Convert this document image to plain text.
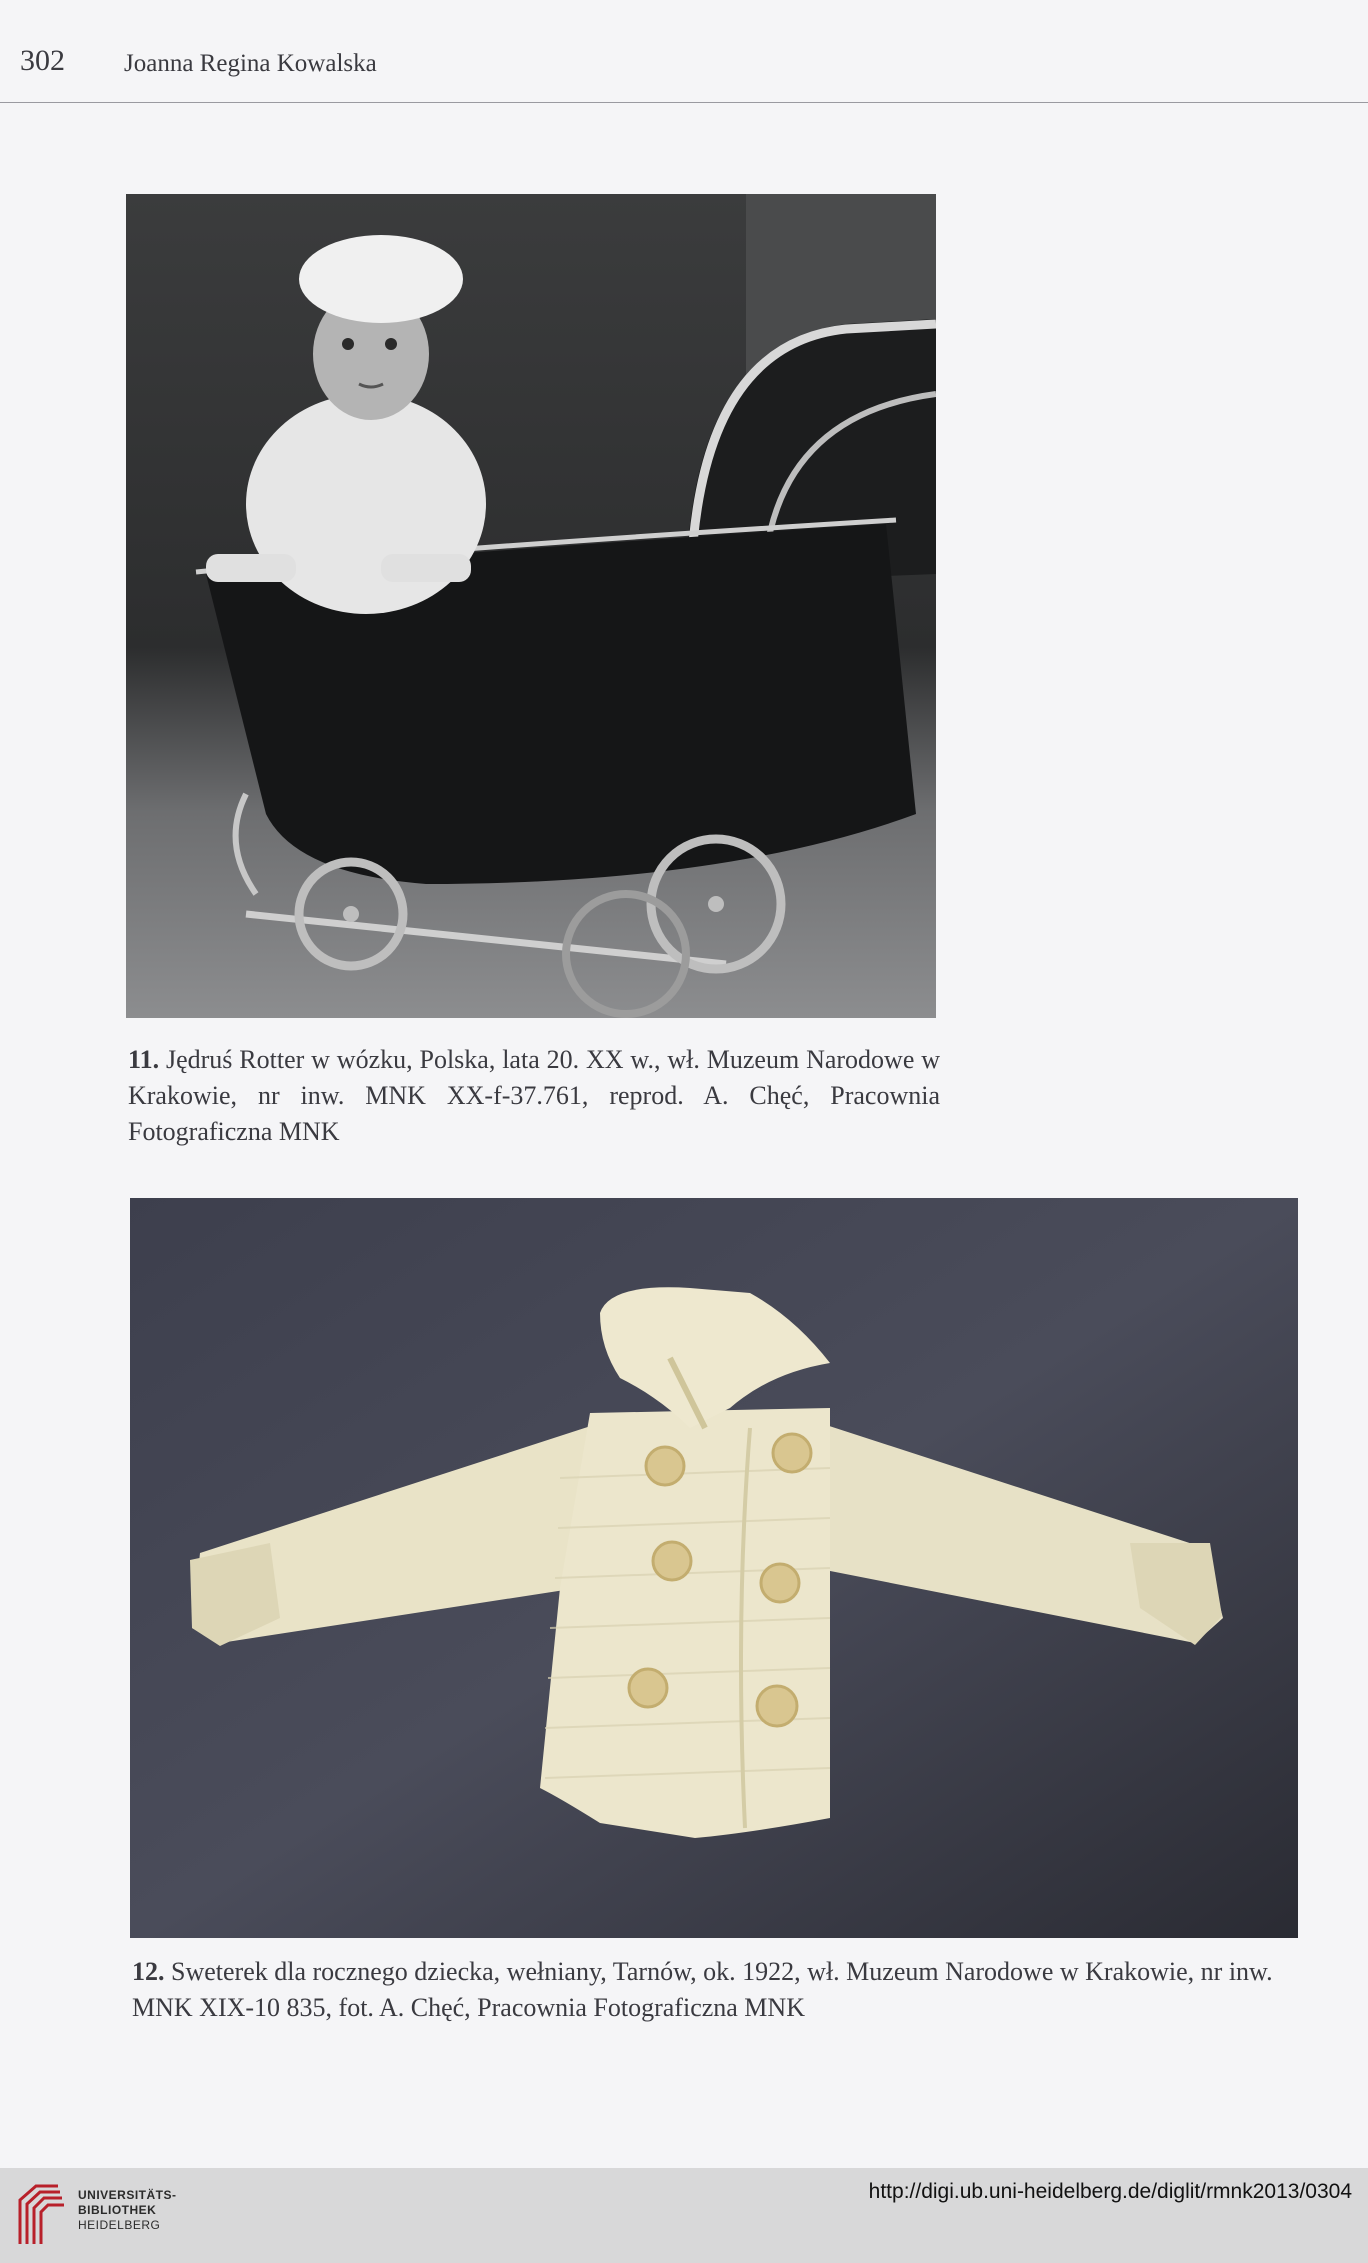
302 Joanna Regina Kowalska
11. Jędruś Rotter w wózku, Polska, lata 20. XX w., wł. Muzeum Narodowe w Krakowie, nr inw. MNK XX-f-37.761, reprod. A. Chęć, Pracownia Fotograficzna MNK
12. Sweterek dla rocznego dziecka, wełniany, Tarnów, ok. 1922, wł. Muzeum Narodowe w Krakowie, nr inw. MNK XIX-10 835, fot. A. Chęć, Pracownia Fotograficzna MNK
UNIVERSITÄTS-
BIBLIOTHEK
HEIDELBERG
http://digi.ub.uni-heidelberg.de/diglit/rmnk2013/0304
